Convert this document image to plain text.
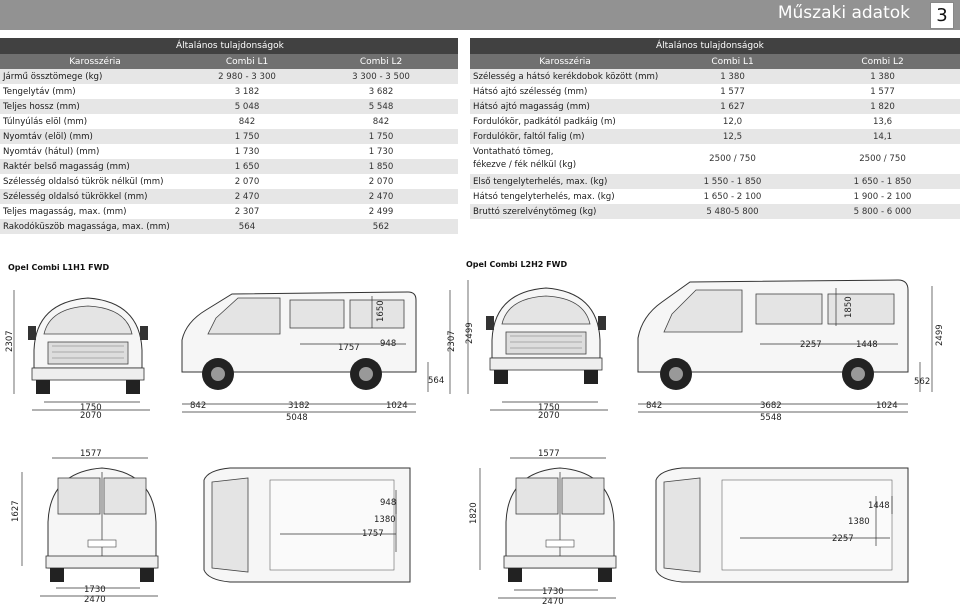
Műszaki adatok	3
Általános tulajdonságok		
Karosszéria	Combi L1	Combi L2
Jármű össztömege (kg)	2 980 - 3 300	3 300 - 3 500
Tengelytáv (mm)	3 182	3 682
Teljes hossz (mm)	5 048	5 548
Túlnyúlás elöl (mm)	842	842
Nyomtáv (elöl) (mm)	1 750	1 750
Nyomtáv (hátul) (mm)	1 730	1 730
Raktér belső magasság (mm)	1 650	1 850
Szélesség oldalsó tükrök nélkül (mm)	2 070	2 070
Szélesség oldalsó tükrökkel (mm)	2 470	2 470
Teljes magasság, max. (mm)	2 307	2 499
Rakodóküszöb magassága, max. (mm)	564	562
Általános tulajdonságok		
Karosszéria	Combi L1	Combi L2
Szélesség a hátsó kerékdobok között (mm)	1 380	1 380
Hátsó ajtó szélesség (mm)	1 577	1 577
Hátsó ajtó magasság (mm)	1 627	1 820
Fordulókör, padkától padkáig (m)	12,0	13,6
Fordulókör, faltól falig (m)	12,5	14,1
Vontatható tömeg,
fékezve / fék nélkül (kg)	2500 / 750	2500 / 750
Első tengelyterhelés, max. (kg)	1 550 - 1 850	1 650 - 1 850
Hátsó tengelyterhelés, max. (kg)	1 650 - 2 100	1 900 - 2 100
Bruttó szerelvénytömeg (kg)	5 480-5 800	5 800 - 6 000
Opel Combi L1H1 FWD	Opel Combi L2H2 FWD
2307
1750
2070
1650
1757 948
564
842	3182	1024
5048
1577
1627
1730
2470
948
1380
1757
2307 2499
1750
2070
1850
2257	1448	2499
562
842	3682	1024
5548
1577
1820
1730
2470
1448
1380
2257
